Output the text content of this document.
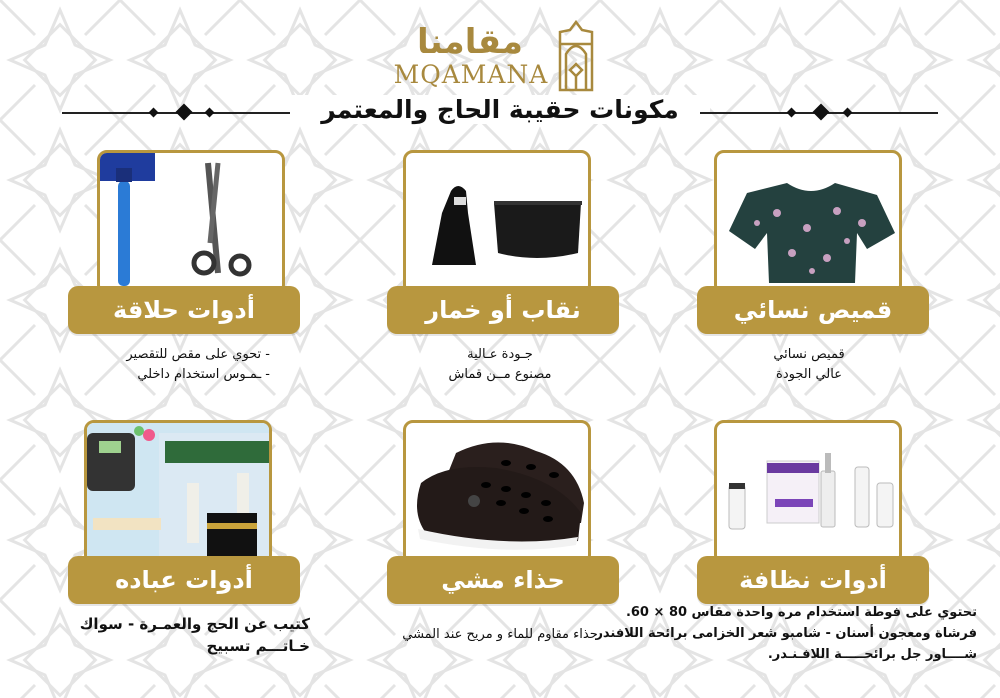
مقامنا
MQAMANA
مكونات حقيبة الحاج والمعتمر
أدوات حلاقة
- تحوي على مقص للتقصير
- ـمـوس استخدام داخلي
نقاب أو خمار
جـودة عـالية
مصنوع مــن قماش
قميص نسائي
قميص نسائي
عالي الجودة
أدوات عباده
كتيب عن الحج والعمـرة - سواك
خـاتـــم تسبيح
حذاء مشي
حذاء مقاوم للماء و مريح عند المشي
أدوات نظافة
تحتوي على فوطة استخدام مره واحدة مقاس 80 × 60.
فرشاة ومعجون أسنان - شامبو شعر الخزامى برائحة اللافندر
شــــاور جل برائحـــــة اللافـنـدر.
